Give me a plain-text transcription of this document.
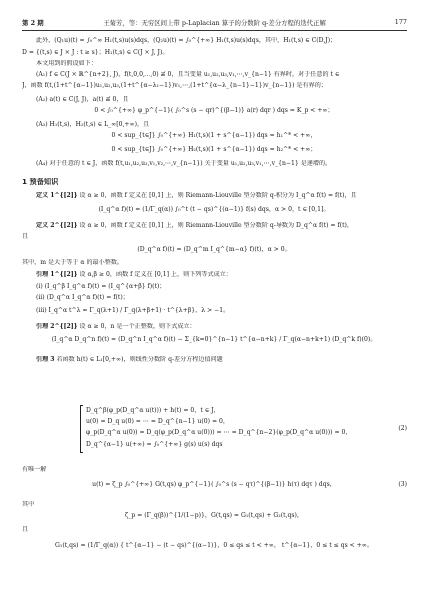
第 2 期	王菊芳，等：无穷区间上带 p-Laplacian 算子的分数阶 q-差分方程的迭代正解	177
此外，(Q₁u)(t) = ∫₀^∞ H₁(t,s)u(s)dqs，(Q₂u)(t) = ∫₀^{+∞} H₁(t,s)u(s)dqs，其中，H₁(t,s) ∈ C(D,J)；
D = {(t,s) ∈ J × J : t ≥ s}；H₁(t,s) ∈ C(J × J, J)。
本文用到的假设如下：
(A₁) f ∈ C(J × ℝ^{n+2}, J)，f(t,0,0,⋯,0) ≢ 0，且当变量 u₁,u₂,u₃,v₁,⋯,v_{n−1} 有界时，对于任意的 t ∈
J，函数 f(t,(1+t^{α−1})u₁,u₂,u₃,(1+t^{α−λ₁−1})v₁,⋯,(1+t^{α−λ_{n−1}−1})v_{n−1}) 是有界的；
(A₂) a(t) ∈ C(J, J)，a(t) ≢ 0，且
0 < ∫₀^{+∞} φ_p^{−1}( ∫₀^s (s − qr)^{(β−1)} a(r) dqr ) dqs = K_p < +∞；
(A₃) H₁(t,s)，H₂(t,s) ∈ L_∞[0,+∞)，且
0 < sup_{t∈J} ∫₀^{+∞} H₁(t,s)(1 + s^{α−1}) dqs = h₁^* < +∞，
0 < sup_{t∈J} ∫₀^{+∞} H₂(t,s)(1 + s^{α−1}) dqs = h₂^* < +∞；
(A₄) 对于任意的 t ∈ J，函数 f(t,u₁,u₂,u₃,v₁,v₂,⋯,v_{n−1}) 关于变量 u₁,u₂,u₃,v₁,⋯,v_{n−1} 是递增的。
1 预备知识
定义 1^{[2]} 设 α ≥ 0，函数 f 定义在 [0,1] 上，则 Riemann-Liouville 型分数阶 q-积分为 I_q^α f(t) = f(t)，且
(I_q^α f)(t) = (1/Γ_q(α)) ∫₀^t (t − qs)^{(α−1)} f(s) dqs，α > 0，t ∈ [0,1]。
定义 2^{[2]} 设 α ≥ 0，函数 f 定义在 [0,1] 上，则 Riemann-Liouville 型分数阶 q-导数为 D_q^α f(t) = f(t)，
且
(D_q^α f)(t) = (D_q^m I_q^{m−α} f)(t)，α > 0。
其中，m 是大于等于 α 的最小整数。
引理 1^{[2]} 设 α,β ≥ 0，函数 f 定义在 [0,1] 上，则下列等式成立：
(i) (I_q^β I_q^α f)(t) = (I_q^{α+β} f)(t)；
(ii) (D_q^α I_q^α f)(t) = f(t)；
(iii) I_q^α t^λ = Γ_q(λ+1) / Γ_q(λ+β+1) · t^{λ+β}，λ > −1。
引理 2^{[2]} 设 α ≥ 0，n 是一个正整数，则下式成立：
(I_q^α D_q^n f)(t) = (D_q^n I_q^α f)(t) − Σ_{k=0}^{n−1} t^{α−n+k} / Γ_q(α−n+k+1) (D_q^k f)(0)。
引理 3 若函数 h(t) ∈ L₁[0,+∞)，则线性分数阶 q-差分方程边值问题
D_q^β(φ_p(D_q^α u(t))) + h(t) = 0，t ∈ J，
u(0) = D_q u(0) = ⋯ = D_q^{n−1} u(0) = 0，
φ_p(D_q^α u(0)) = D_q(φ_p(D_q^α u(0))) = ⋯ = D_q^{n−2}(φ_p(D_q^α u(0))) = 0，
D_q^{α−1} u(+∞) = ∫₀^{+∞} g(s) u(s) dqs
有唯一解
u(t) = ζ_p ∫₀^{+∞} G(t,qs) φ_p^{−1}( ∫₀^s (s − qτ)^{(β−1)} h(τ) dqτ ) dqs，
其中
ζ_p = (Γ_q(β))^{1/(1−p)}，G(t,qs) = G₁(t,qs) + G₂(t,qs)，
且
G₁(t,qs) = (1/Γ_q(α)) { t^{α−1} − (t − qs)^{(α−1)}，0 ≤ qs ≤ t < +∞， t^{α−1}，0 ≤ t ≤ qs < +∞。
(2)
(3)
